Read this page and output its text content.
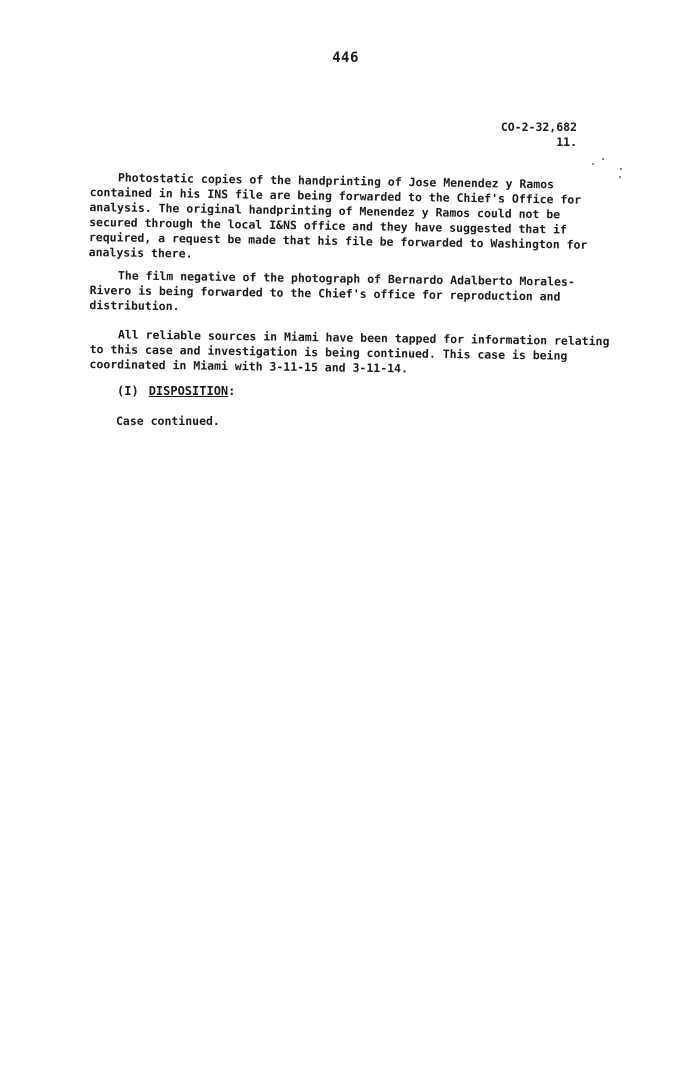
446
CO-2-32,682
11.

Photostatic copies of the handprinting of Jose Menendez y Ramos contained in his INS file are being forwarded to the Chief's Office for analysis. The original handprinting of Menendez y Ramos could not be secured through the local I&NS office and they have suggested that if required, a request be made that his file be forwarded to Washington for analysis there.

The film negative of the photograph of Bernardo Adalberto Morales-Rivero is being forwarded to the Chief's office for reproduction and distribution.

All reliable sources in Miami have been tapped for information relating to this case and investigation is being continued. This case is being coordinated in Miami with 3-11-15 and 3-11-14.

(I) DISPOSITION:
Case continued.
